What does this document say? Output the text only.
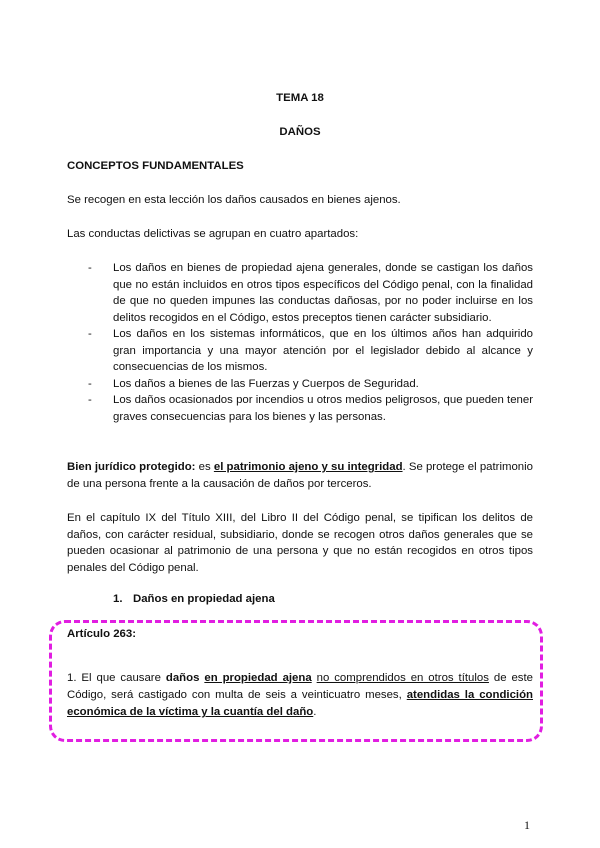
TEMA 18
DAÑOS
CONCEPTOS FUNDAMENTALES
Se recogen en esta lección los daños causados en bienes ajenos.
Las conductas delictivas se agrupan en cuatro apartados:
- Los daños en bienes de propiedad ajena generales, donde se castigan los daños que no están incluidos en otros tipos específicos del Código penal, con la finalidad de que no queden impunes las conductas dañosas, por no poder incluirse en los delitos recogidos en el Código, estos preceptos tienen carácter subsidiario.
- Los daños en los sistemas informáticos, que en los últimos años han adquirido gran importancia y una mayor atención por el legislador debido al alcance y consecuencias de los mismos.
- Los daños a bienes de las Fuerzas y Cuerpos de Seguridad.
- Los daños ocasionados por incendios u otros medios peligrosos, que pueden tener graves consecuencias para los bienes y las personas.
Bien jurídico protegido: es el patrimonio ajeno y su integridad. Se protege el patrimonio de una persona frente a la causación de daños por terceros.
En el capítulo IX del Título XIII, del Libro II del Código penal, se tipifican los delitos de daños, con carácter residual, subsidiario, donde se recogen otros daños generales que se pueden ocasionar al patrimonio de una persona y que no están recogidos en otros tipos penales del Código penal.
1. Daños en propiedad ajena
Artículo 263:
1. El que causare daños en propiedad ajena no comprendidos en otros títulos de este Código, será castigado con multa de seis a veinticuatro meses, atendidas la condición económica de la víctima y la cuantía del daño.
1
